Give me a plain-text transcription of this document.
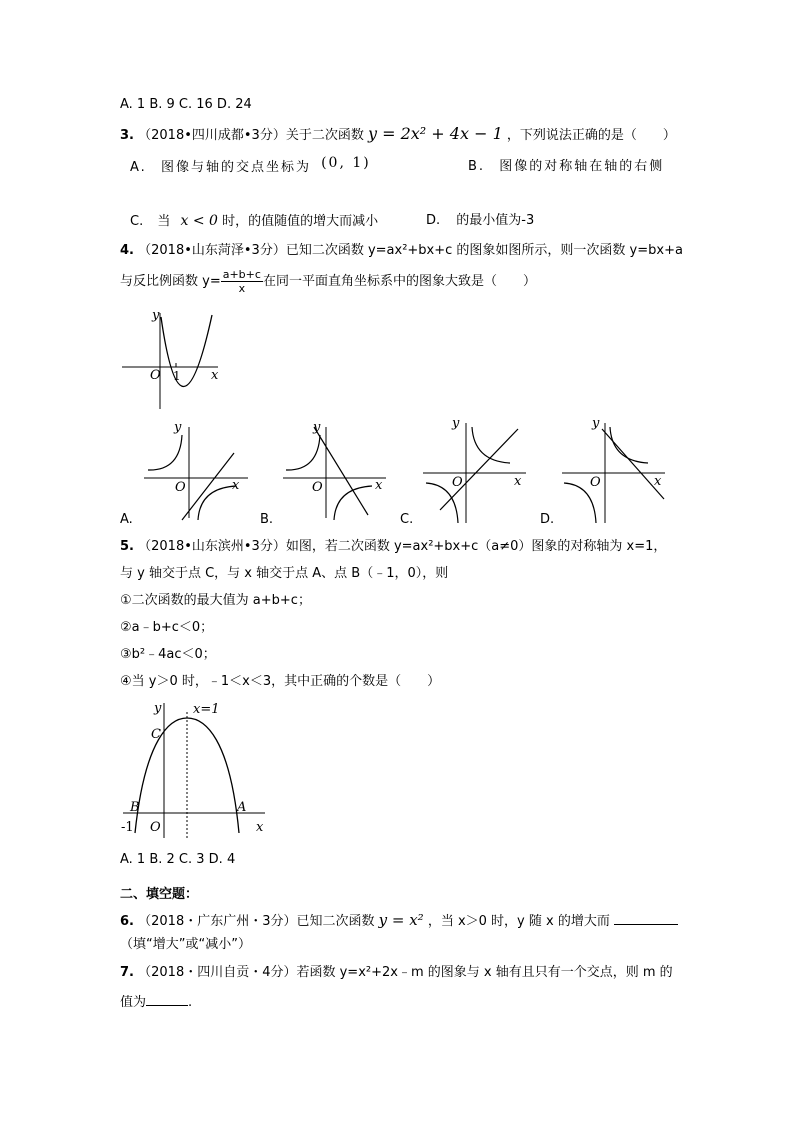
A. 1 B. 9 C. 16 D. 24
3. （2018•四川成都•3分）关于二次函数 y = 2x² + 4x − 1 ，下列说法正确的是（　　）
A. 图像与轴的交点坐标为 (0, 1)	B. 图像的对称轴在轴的右侧
C. 当 x < 0 时，的值随值的增大而减小	D. 的最小值为-3
4. （2018•山东菏泽•3分）已知二次函数 y=ax²+bx+c 的图象如图所示，则一次函数 y=bx+a
与反比例函数 $y= \frac{a+b+c}{x}$ 在同一平面直角坐标系中的图象大致是（　　）
y
x
O 1
y
x
O
y
x
O
y
x
O
y
x
O
A.	B.	C.	D.
5. （2018•山东滨州•3分）如图，若二次函数 y=ax²+bx+c（a≠0）图象的对称轴为 x=1，
与 y 轴交于点 C，与 x 轴交于点 A、点 B（﹣1，0），则
①二次函数的最大值为 a+b+c；
②a﹣b+c＜0；
③b²﹣4ac＜0；
④当 y＞0 时，﹣1＜x＜3，其中正确的个数是（　　）
x=1
y
C
B	A
-1 O	x
A. 1 B. 2 C. 3 D. 4
二、填空题：
6. （2018・广东广州・3分）已知二次函数 y = x² ，当 x＞0 时，y 随 x 的增大而
（填“增大”或“减小”）
7. （2018・四川自贡・4分）若函数 y=x²+2x﹣m 的图象与 x 轴有且只有一个交点，则 m 的
值为	.
